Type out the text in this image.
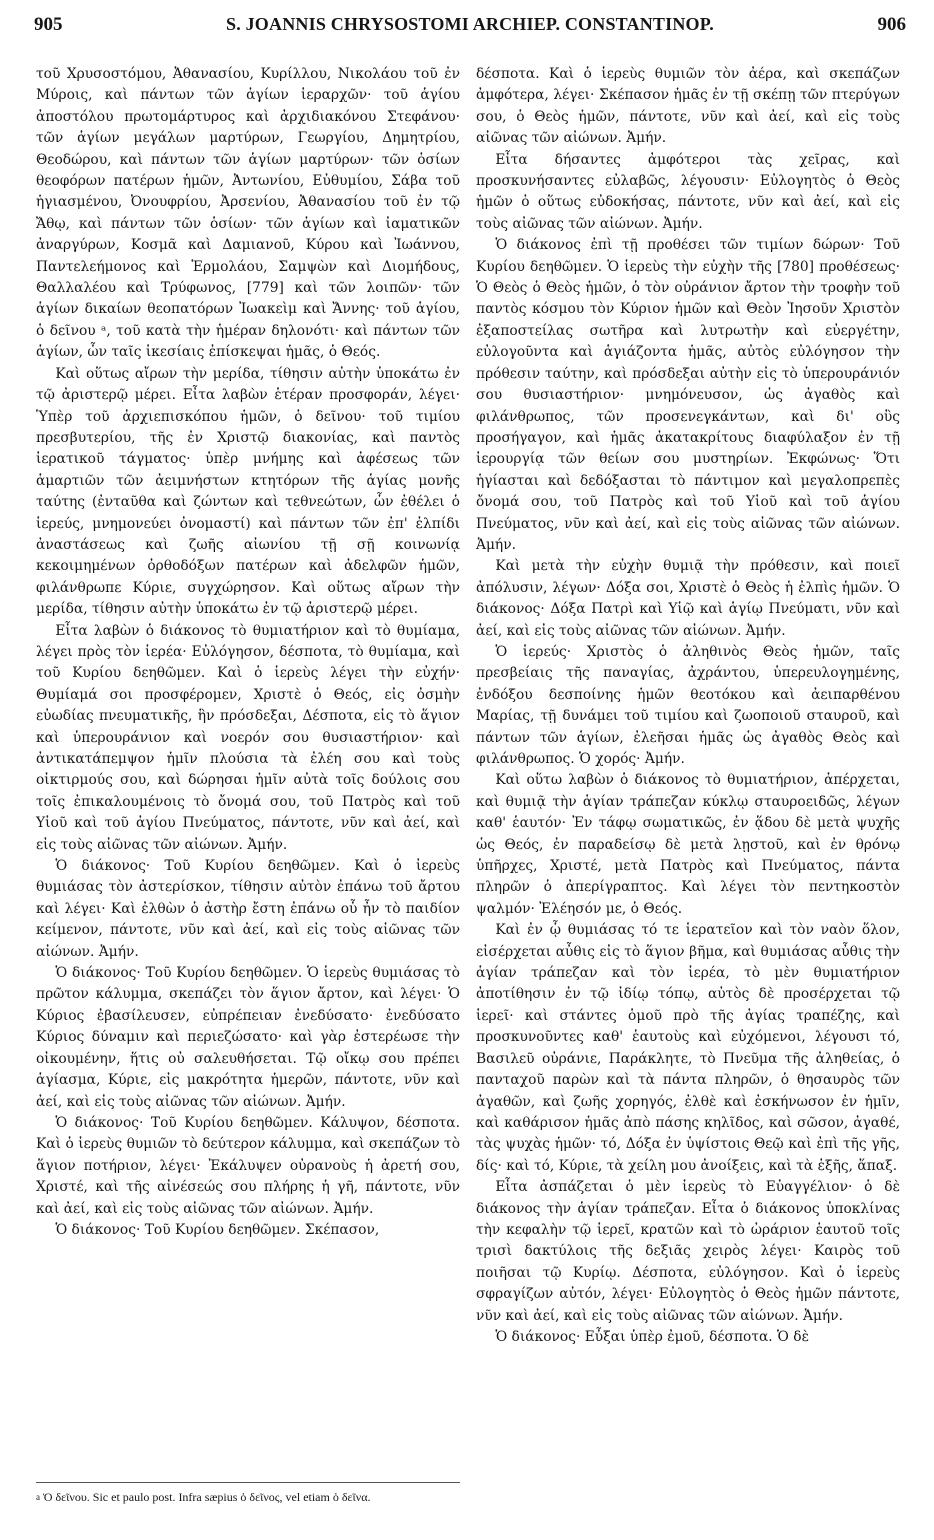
905	S. JOANNIS CHRYSOSTOMI ARCHIEP. CONSTANTINOP.	906

τοῦ Χρυσοστόμου, Ἀθανασίου, Κυρίλλου, Νικολάου τοῦ ἐν Μύροις, καὶ πάντων τῶν ἁγίων ἱεραρχῶν· τοῦ ἁγίου ἀποστόλου πρωτομάρτυρος καὶ ἀρχιδιακόνου Στεφάνου· τῶν ἁγίων μεγάλων μαρτύρων, Γεωργίου, Δημητρίου, Θεοδώρου, καὶ πάντων τῶν ἁγίων μαρτύρων· τῶν ὁσίων θεοφόρων πατέρων ἡμῶν, Ἀντωνίου, Εὐθυμίου, Σάβα τοῦ ἡγιασμένου, Ὀνουφρίου, Ἀρσενίου, Ἀθανασίου τοῦ ἐν τῷ Ἄθῳ, καὶ πάντων τῶν ὁσίων· τῶν ἁγίων καὶ ἰαματικῶν ἀναργύρων, Κοσμᾶ καὶ Δαμιανοῦ, Κύρου καὶ Ἰωάννου, Παντελεήμονος καὶ Ἑρμολάου, Σαμψὼν καὶ Διομήδους, Θαλλαλέου καὶ Τρύφωνος, [779] καὶ τῶν λοιπῶν· τῶν ἁγίων δικαίων θεοπατόρων Ἰωακεὶμ καὶ Ἄννης· τοῦ ἁγίου, ὁ δεῖνου ᵃ, τοῦ κατὰ τὴν ἡμέραν δηλονότι· καὶ πάντων τῶν ἁγίων, ὧν ταῖς ἱκεσίαις ἐπίσκεψαι ἡμᾶς, ὁ Θεός.

Καὶ οὕτως αἴρων τὴν μερίδα, τίθησιν αὐτὴν ὑποκάτω ἐν τῷ ἀριστερῷ μέρει. Εἶτα λαβὼν ἑτέραν προσφοράν, λέγει· Ὑπὲρ τοῦ ἀρχιεπισκόπου ἡμῶν, ὁ δεῖνου· τοῦ τιμίου πρεσβυτερίου, τῆς ἐν Χριστῷ διακονίας, καὶ παντὸς ἱερατικοῦ τάγματος· ὑπὲρ μνήμης καὶ ἀφέσεως τῶν ἁμαρτιῶν τῶν ἀειμνήστων κτητόρων τῆς ἁγίας μονῆς ταύτης (ἐνταῦθα καὶ ζώντων καὶ τεθνεώτων, ὧν ἐθέλει ὁ ἱερεύς, μνημονεύει ὀνομαστί) καὶ πάντων τῶν ἐπ' ἐλπίδι ἀναστάσεως καὶ ζωῆς αἰωνίου τῇ σῇ κοινωνίᾳ κεκοιμημένων ὀρθοδόξων πατέρων καὶ ἀδελφῶν ἡμῶν, φιλάνθρωπε Κύριε, συγχώρησον. Καὶ οὕτως αἴρων τὴν μερίδα, τίθησιν αὐτὴν ὑποκάτω ἐν τῷ ἀριστερῷ μέρει.

Εἶτα λαβὼν ὁ διάκονος τὸ θυμιατήριον καὶ τὸ θυμίαμα, λέγει πρὸς τὸν ἱερέα· Εὐλόγησον, δέσποτα, τὸ θυμίαμα, καὶ τοῦ Κυρίου δεηθῶμεν. Καὶ ὁ ἱερεὺς λέγει τὴν εὐχήν· Θυμίαμά σοι προσφέρομεν, Χριστὲ ὁ Θεός, εἰς ὀσμὴν εὐωδίας πνευματικῆς, ἣν πρόσδεξαι, Δέσποτα, εἰς τὸ ἅγιον καὶ ὑπερουράνιον καὶ νοερόν σου θυσιαστήριον· καὶ ἀντικατάπεμψον ἡμῖν πλούσια τὰ ἐλέη σου καὶ τοὺς οἰκτιρμούς σου, καὶ δώρησαι ἡμῖν αὐτὰ τοῖς δούλοις σου τοῖς ἐπικαλουμένοις τὸ ὄνομά σου, τοῦ Πατρὸς καὶ τοῦ Υἱοῦ καὶ τοῦ ἁγίου Πνεύματος, πάντοτε, νῦν καὶ ἀεί, καὶ εἰς τοὺς αἰῶνας τῶν αἰώνων. Ἀμήν.

Ὁ διάκονος· Τοῦ Κυρίου δεηθῶμεν. Καὶ ὁ ἱερεὺς θυμιάσας τὸν ἀστερίσκον, τίθησιν αὐτὸν ἐπάνω τοῦ ἄρτου καὶ λέγει· Καὶ ἐλθὼν ὁ ἀστὴρ ἔστη ἐπάνω οὗ ἦν τὸ παιδίον κείμενον, πάντοτε, νῦν καὶ ἀεί, καὶ εἰς τοὺς αἰῶνας τῶν αἰώνων. Ἀμήν.

Ὁ διάκονος· Τοῦ Κυρίου δεηθῶμεν. Ὁ ἱερεὺς θυμιάσας τὸ πρῶτον κάλυμμα, σκεπάζει τὸν ἅγιον ἄρτον, καὶ λέγει· Ὁ Κύριος ἐβασίλευσεν, εὐπρέπειαν ἐνεδύσατο· ἐνεδύσατο Κύριος δύναμιν καὶ περιεζώσατο· καὶ γὰρ ἐστερέωσε τὴν οἰκουμένην, ἥτις οὐ σαλευθήσεται. Τῷ οἴκῳ σου πρέπει ἁγίασμα, Κύριε, εἰς μακρότητα ἡμερῶν, πάντοτε, νῦν καὶ ἀεί, καὶ εἰς τοὺς αἰῶνας τῶν αἰώνων. Ἀμήν.

Ὁ διάκονος· Τοῦ Κυρίου δεηθῶμεν. Κάλυψον, δέσποτα. Καὶ ὁ ἱερεὺς θυμιῶν τὸ δεύτερον κάλυμμα, καὶ σκεπάζων τὸ ἅγιον ποτήριον, λέγει· Ἐκάλυψεν οὐρανοὺς ἡ ἀρετή σου, Χριστέ, καὶ τῆς αἰνέσεώς σου πλήρης ἡ γῆ, πάντοτε, νῦν καὶ ἀεί, καὶ εἰς τοὺς αἰῶνας τῶν αἰώνων. Ἀμήν.

Ὁ διάκονος· Τοῦ Κυρίου δεηθῶμεν. Σκέπασον,

δέσποτα. Καὶ ὁ ἱερεὺς θυμιῶν τὸν ἀέρα, καὶ σκεπάζων ἀμφότερα, λέγει· Σκέπασον ἡμᾶς ἐν τῇ σκέπῃ τῶν πτερύγων σου, ὁ Θεὸς ἡμῶν, πάντοτε, νῦν καὶ ἀεί, καὶ εἰς τοὺς αἰῶνας τῶν αἰώνων. Ἀμήν.

Εἶτα δήσαντες ἀμφότεροι τὰς χεῖρας, καὶ προσκυνήσαντες εὐλαβῶς, λέγουσιν· Εὐλογητὸς ὁ Θεὸς ἡμῶν ὁ οὕτως εὐδοκήσας, πάντοτε, νῦν καὶ ἀεί, καὶ εἰς τοὺς αἰῶνας τῶν αἰώνων. Ἀμήν.

Ὁ διάκονος ἐπὶ τῇ προθέσει τῶν τιμίων δώρων· Τοῦ Κυρίου δεηθῶμεν. Ὁ ἱερεὺς τὴν εὐχὴν τῆς [780] προθέσεως· Ὁ Θεὸς ὁ Θεὸς ἡμῶν, ὁ τὸν οὐράνιον ἄρτον τὴν τροφὴν τοῦ παντὸς κόσμου τὸν Κύριον ἡμῶν καὶ Θεὸν Ἰησοῦν Χριστὸν ἐξαποστείλας σωτῆρα καὶ λυτρωτὴν καὶ εὐεργέτην, εὐλογοῦντα καὶ ἁγιάζοντα ἡμᾶς, αὐτὸς εὐλόγησον τὴν πρόθεσιν ταύτην, καὶ πρόσδεξαι αὐτὴν εἰς τὸ ὑπερουράνιόν σου θυσιαστήριον· μνημόνευσον, ὡς ἀγαθὸς καὶ φιλάνθρωπος, τῶν προσενεγκάντων, καὶ δι' οὓς προσήγαγον, καὶ ἡμᾶς ἀκατακρίτους διαφύλαξον ἐν τῇ ἱερουργίᾳ τῶν θείων σου μυστηρίων. Ἐκφώνως· Ὅτι ἡγίασται καὶ δεδόξασται τὸ πάντιμον καὶ μεγαλοπρεπὲς ὄνομά σου, τοῦ Πατρὸς καὶ τοῦ Υἱοῦ καὶ τοῦ ἁγίου Πνεύματος, νῦν καὶ ἀεί, καὶ εἰς τοὺς αἰῶνας τῶν αἰώνων. Ἀμήν.

Καὶ μετὰ τὴν εὐχὴν θυμιᾷ τὴν πρόθεσιν, καὶ ποιεῖ ἀπόλυσιν, λέγων· Δόξα σοι, Χριστὲ ὁ Θεὸς ἡ ἐλπὶς ἡμῶν. Ὁ διάκονος· Δόξα Πατρὶ καὶ Υἱῷ καὶ ἁγίῳ Πνεύματι, νῦν καὶ ἀεί, καὶ εἰς τοὺς αἰῶνας τῶν αἰώνων. Ἀμήν.

Ὁ ἱερεύς· Χριστὸς ὁ ἀληθινὸς Θεὸς ἡμῶν, ταῖς πρεσβείαις τῆς παναγίας, ἀχράντου, ὑπερευλογημένης, ἐνδόξου δεσποίνης ἡμῶν θεοτόκου καὶ ἀειπαρθένου Μαρίας, τῇ δυνάμει τοῦ τιμίου καὶ ζωοποιοῦ σταυροῦ, καὶ πάντων τῶν ἁγίων, ἐλεῆσαι ἡμᾶς ὡς ἀγαθὸς Θεὸς καὶ φιλάνθρωπος. Ὁ χορός· Ἀμήν.

Καὶ οὕτω λαβὼν ὁ διάκονος τὸ θυμιατήριον, ἀπέρχεται, καὶ θυμιᾷ τὴν ἁγίαν τράπεζαν κύκλῳ σταυροειδῶς, λέγων καθ' ἑαυτόν· Ἐν τάφῳ σωματικῶς, ἐν ᾅδου δὲ μετὰ ψυχῆς ὡς Θεός, ἐν παραδείσῳ δὲ μετὰ λῃστοῦ, καὶ ἐν θρόνῳ ὑπῆρχες, Χριστέ, μετὰ Πατρὸς καὶ Πνεύματος, πάντα πληρῶν ὁ ἀπερίγραπτος. Καὶ λέγει τὸν πεντηκοστὸν ψαλμόν· Ἐλέησόν με, ὁ Θεός.

Καὶ ἐν ᾧ θυμιάσας τό τε ἱερατεῖον καὶ τὸν ναὸν ὅλον, εἰσέρχεται αὖθις εἰς τὸ ἅγιον βῆμα, καὶ θυμιάσας αὖθις τὴν ἁγίαν τράπεζαν καὶ τὸν ἱερέα, τὸ μὲν θυμιατήριον ἀποτίθησιν ἐν τῷ ἰδίῳ τόπῳ, αὐτὸς δὲ προσέρχεται τῷ ἱερεῖ· καὶ στάντες ὁμοῦ πρὸ τῆς ἁγίας τραπέζης, καὶ προσκυνοῦντες καθ' ἑαυτοὺς καὶ εὐχόμενοι, λέγουσι τό, Βασιλεῦ οὐράνιε, Παράκλητε, τὸ Πνεῦμα τῆς ἀληθείας, ὁ πανταχοῦ παρὼν καὶ τὰ πάντα πληρῶν, ὁ θησαυρὸς τῶν ἀγαθῶν, καὶ ζωῆς χορηγός, ἐλθὲ καὶ ἐσκήνωσον ἐν ἡμῖν, καὶ καθάρισον ἡμᾶς ἀπὸ πάσης κηλῖδος, καὶ σῶσον, ἀγαθέ, τὰς ψυχὰς ἡμῶν· τό, Δόξα ἐν ὑψίστοις Θεῷ καὶ ἐπὶ τῆς γῆς, δίς· καὶ τό, Κύριε, τὰ χείλη μου ἀνοίξεις, καὶ τὰ ἑξῆς, ἅπαξ.

Εἶτα ἀσπάζεται ὁ μὲν ἱερεὺς τὸ Εὐαγγέλιον· ὁ δὲ διάκονος τὴν ἁγίαν τράπεζαν. Εἶτα ὁ διάκονος ὑποκλίνας τὴν κεφαλὴν τῷ ἱερεῖ, κρατῶν καὶ τὸ ὠράριον ἑαυτοῦ τοῖς τρισὶ δακτύλοις τῆς δεξιᾶς χειρὸς λέγει· Καιρὸς τοῦ ποιῆσαι τῷ Κυρίῳ. Δέσποτα, εὐλόγησον. Καὶ ὁ ἱερεὺς σφραγίζων αὐτόν, λέγει· Εὐλογητὸς ὁ Θεὸς ἡμῶν πάντοτε, νῦν καὶ ἀεί, καὶ εἰς τοὺς αἰῶνας τῶν αἰώνων. Ἀμήν.

Ὁ διάκονος· Εὖξαι ὑπὲρ ἐμοῦ, δέσποτα. Ὁ δὲ

$^a$ Ὁ δεῖνου. Sic et paulo post. Infra sæpius ὁ δεῖνος, vel etiam ὁ δεῖνα.
